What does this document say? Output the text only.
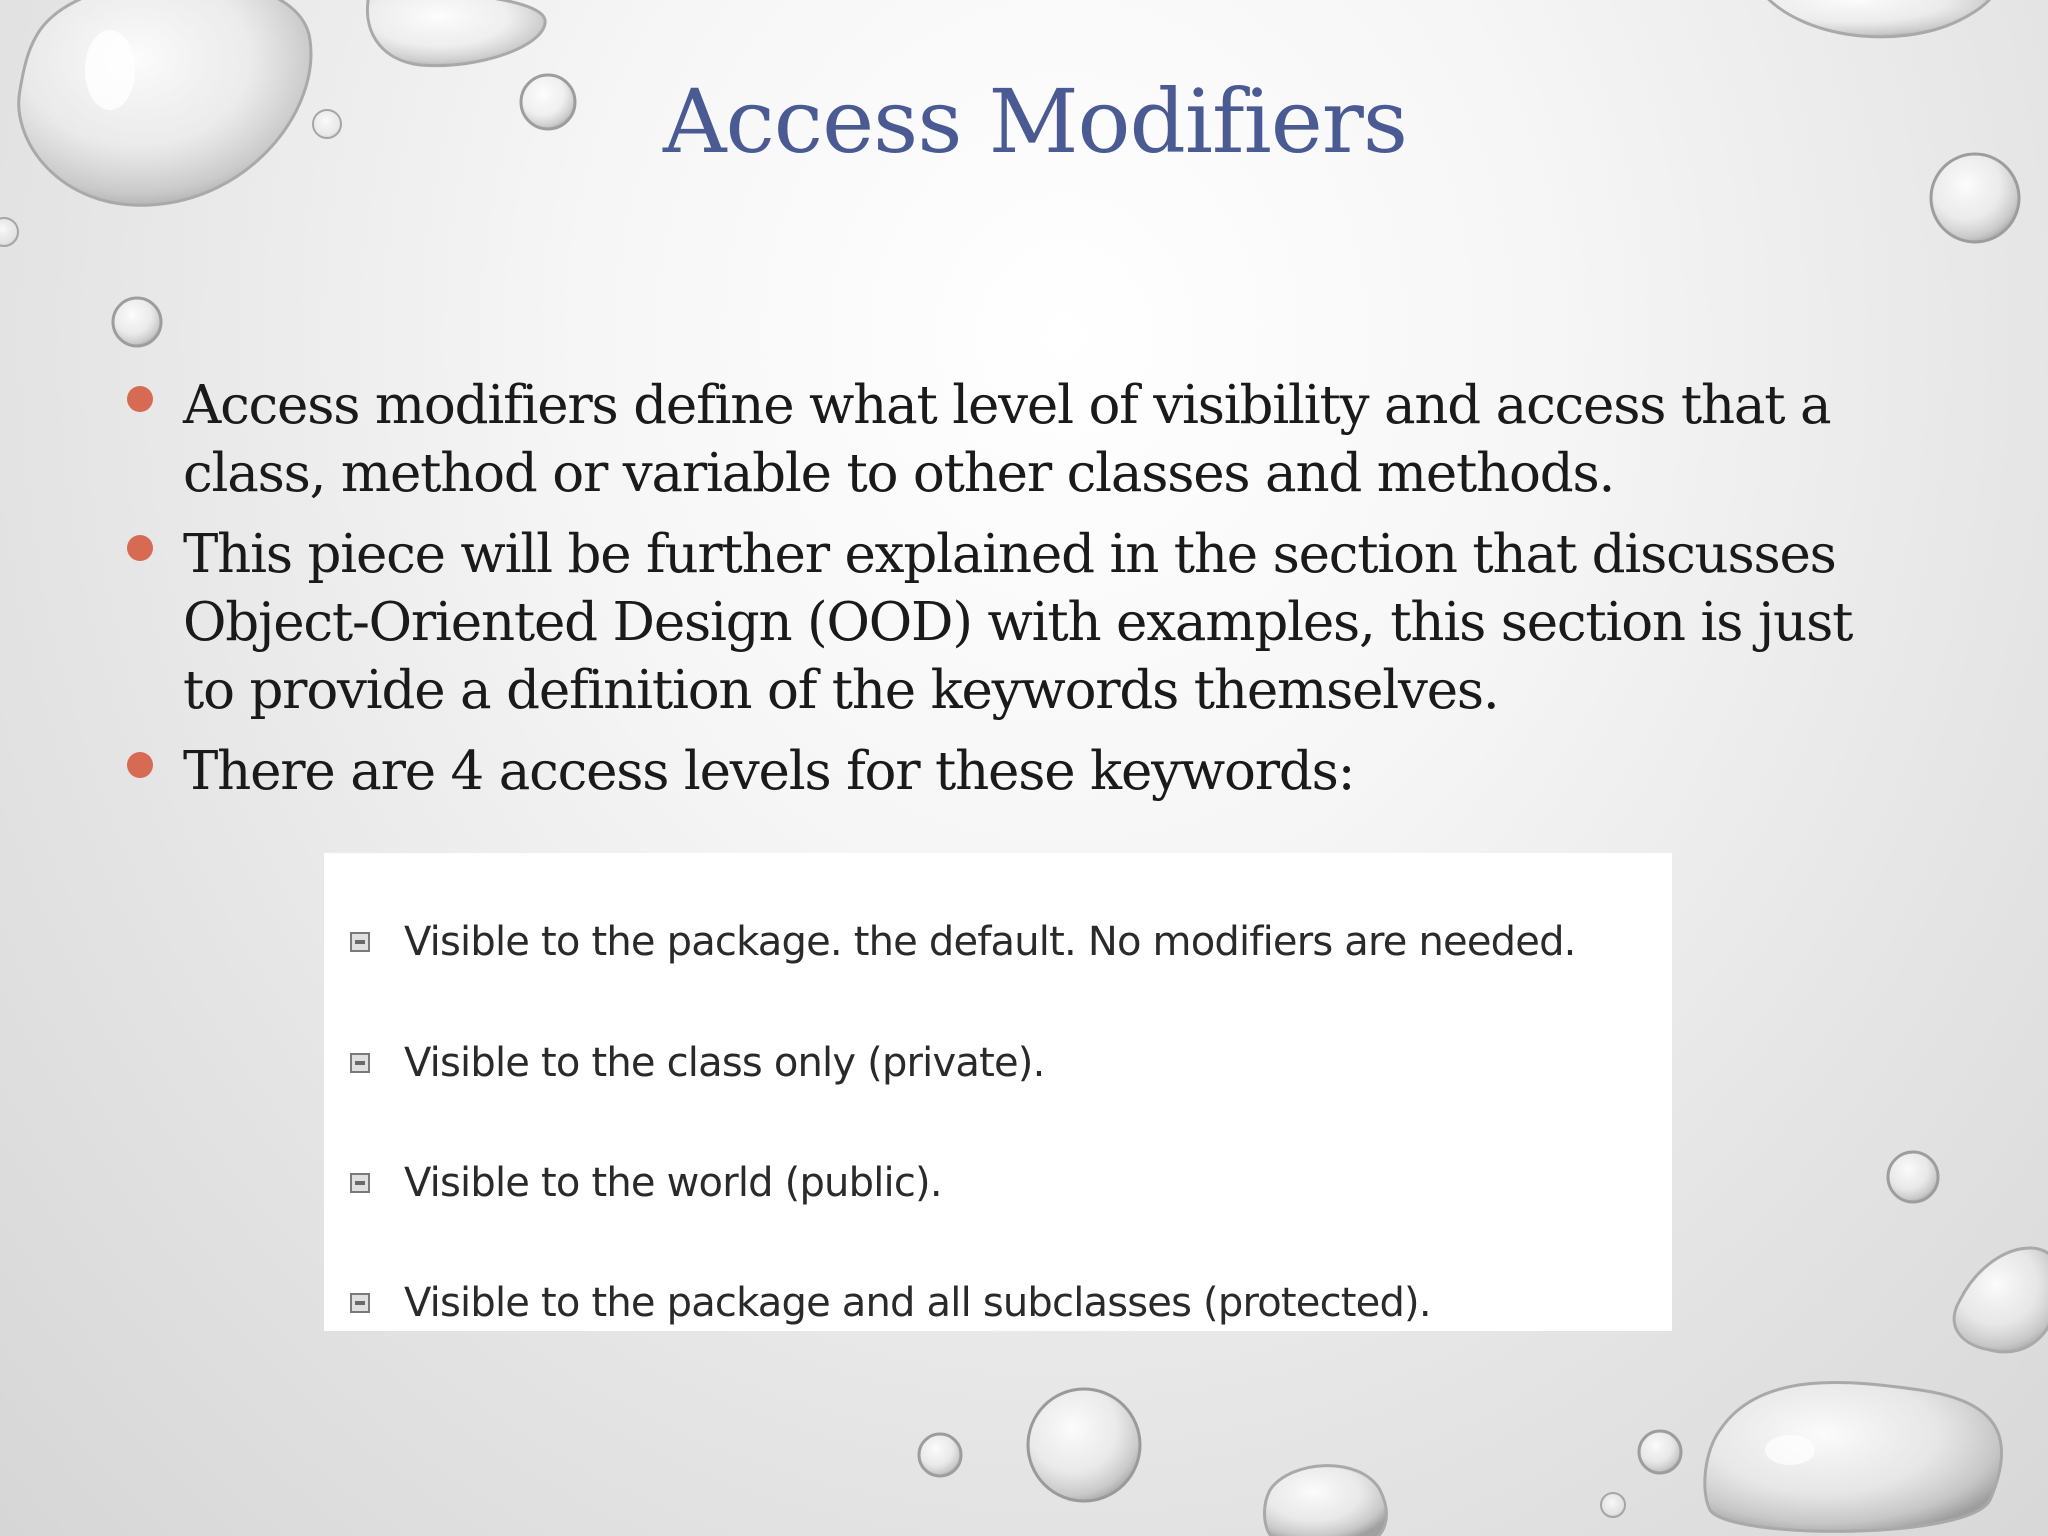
Access Modifiers
Access modifiers define what level of visibility and access that a class, method or variable to other classes and methods.
This piece will be further explained in the section that discusses Object-Oriented Design (OOD) with examples, this section is just to provide a definition of the keywords themselves.
There are 4 access levels for these keywords:
Visible to the package. the default. No modifiers are needed.
Visible to the class only (private).
Visible to the world (public).
Visible to the package and all subclasses (protected).
